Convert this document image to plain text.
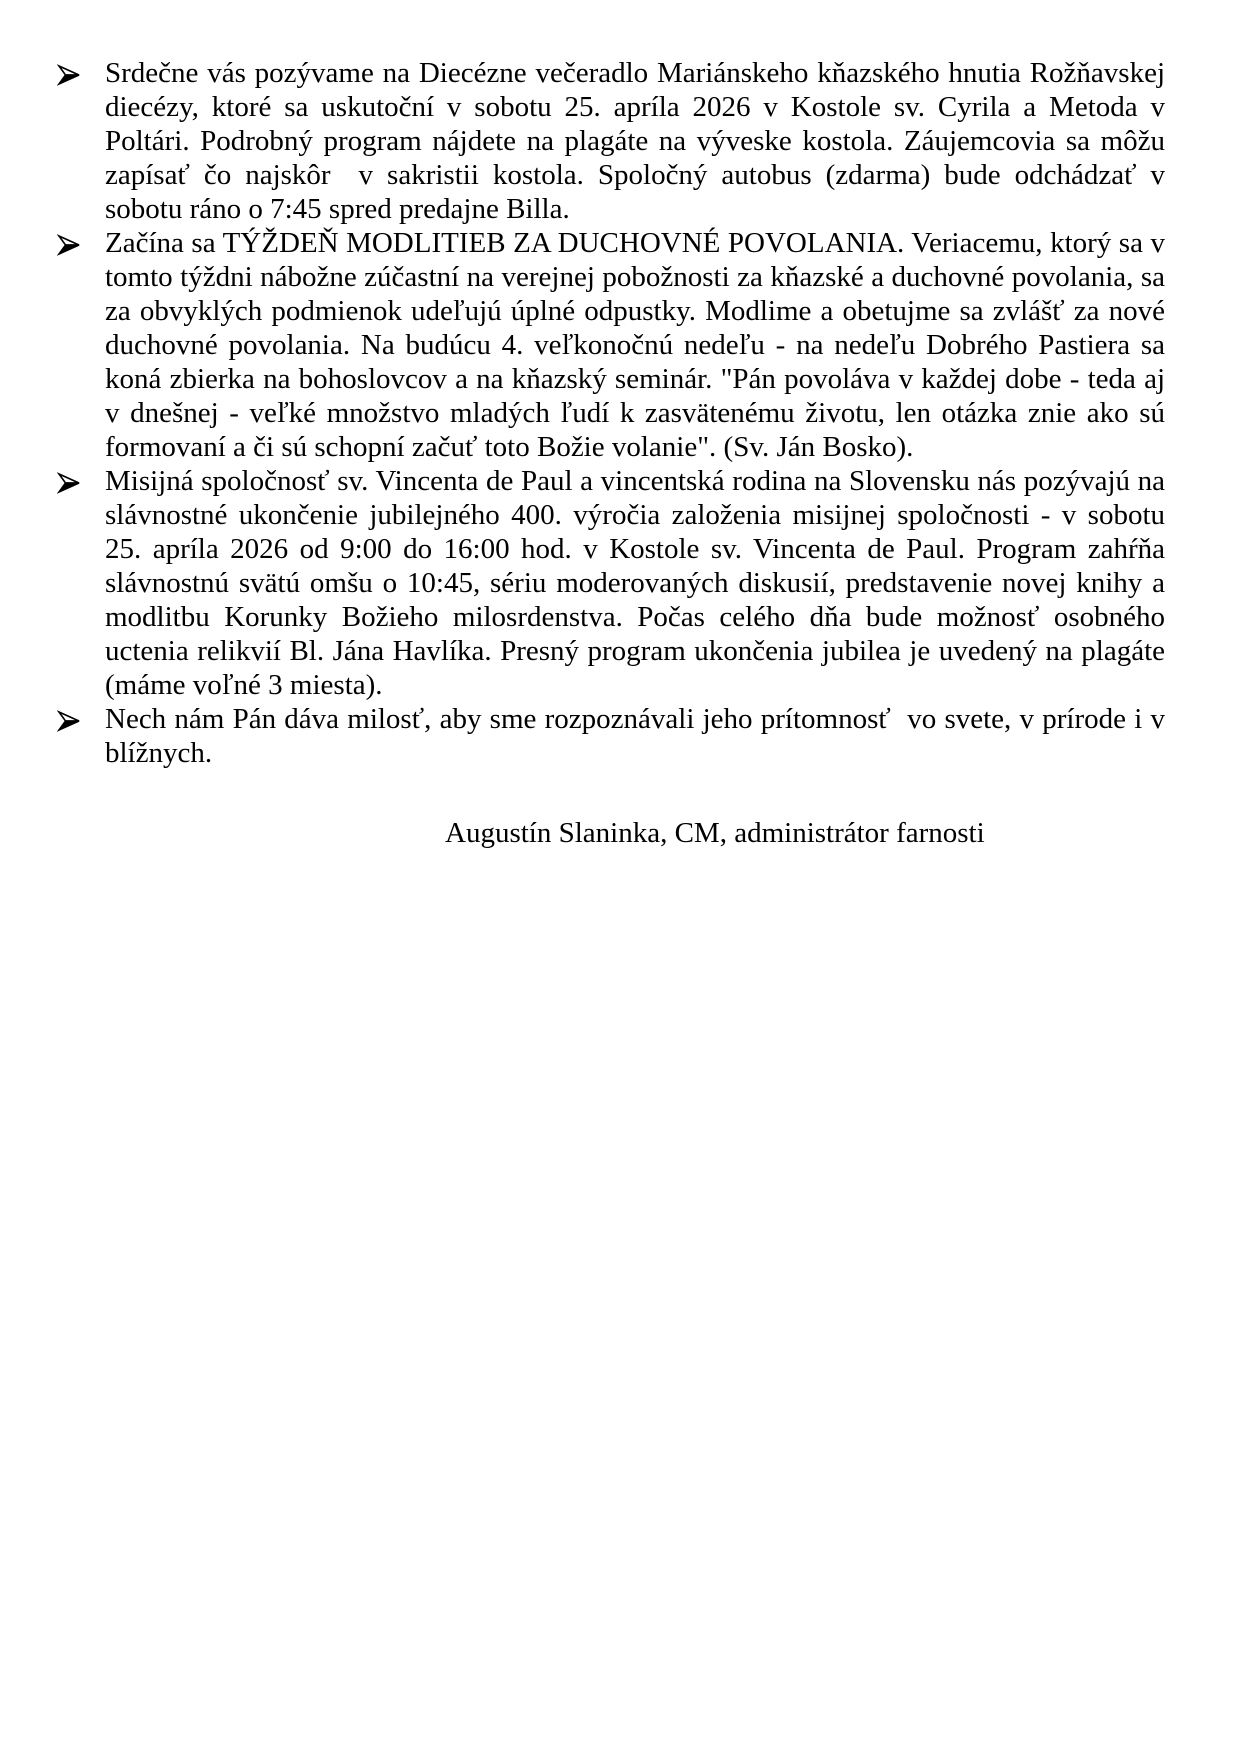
Srdečne vás pozývame na Diecézne večeradlo Mariánskeho kňazského hnutia Rožňavskej diecézy, ktoré sa uskutoční v sobotu 25. apríla 2026 v Kostole sv. Cyrila a Metoda v Poltári. Podrobný program nájdete na plagáte na výveske kostola. Záujemcovia sa môžu zapísať čo najskôr  v sakristii kostola. Spoločný autobus (zdarma) bude odchádzať v sobotu ráno o 7:45 spred predajne Billa.
Začína sa TÝŽDEŇ MODLITIEB ZA DUCHOVNÉ POVOLANIA. Veriacemu, ktorý sa v tomto týždni nábožne zúčastní na verejnej pobožnosti za kňazské a duchovné povolania, sa za obvyklých podmienok udeľujú úplné odpustky. Modlime a obetujme sa zvlášť za nové duchovné povolania. Na budúcu 4. veľkonočnú nedeľu - na nedeľu Dobrého Pastiera sa koná zbierka na bohoslovcov a na kňazský seminár. "Pán povoláva v každej dobe - teda aj v dnešnej - veľké množstvo mladých ľudí k zasvätenému životu, len otázka znie ako sú formovaní a či sú schopní začuť toto Božie volanie". (Sv. Ján Bosko).
Misijná spoločnosť sv. Vincenta de Paul a vincentská rodina na Slovensku nás pozývajú na slávnostné ukončenie jubilejného 400. výročia založenia misijnej spoločnosti - v sobotu 25. apríla 2026 od 9:00 do 16:00 hod. v Kostole sv. Vincenta de Paul. Program zahŕňa slávnostnú svätú omšu o 10:45, sériu moderovaných diskusií, predstavenie novej knihy a modlitbu Korunky Božieho milosrdenstva. Počas celého dňa bude možnosť osobného uctenia relikvií Bl. Jána Havlíka. Presný program ukončenia jubilea je uvedený na plagáte (máme voľné 3 miesta).
Nech nám Pán dáva milosť, aby sme rozpoznávali jeho prítomnosť  vo svete, v prírode i v blížnych.
Augustín Slaninka, CM, administrátor farnosti
